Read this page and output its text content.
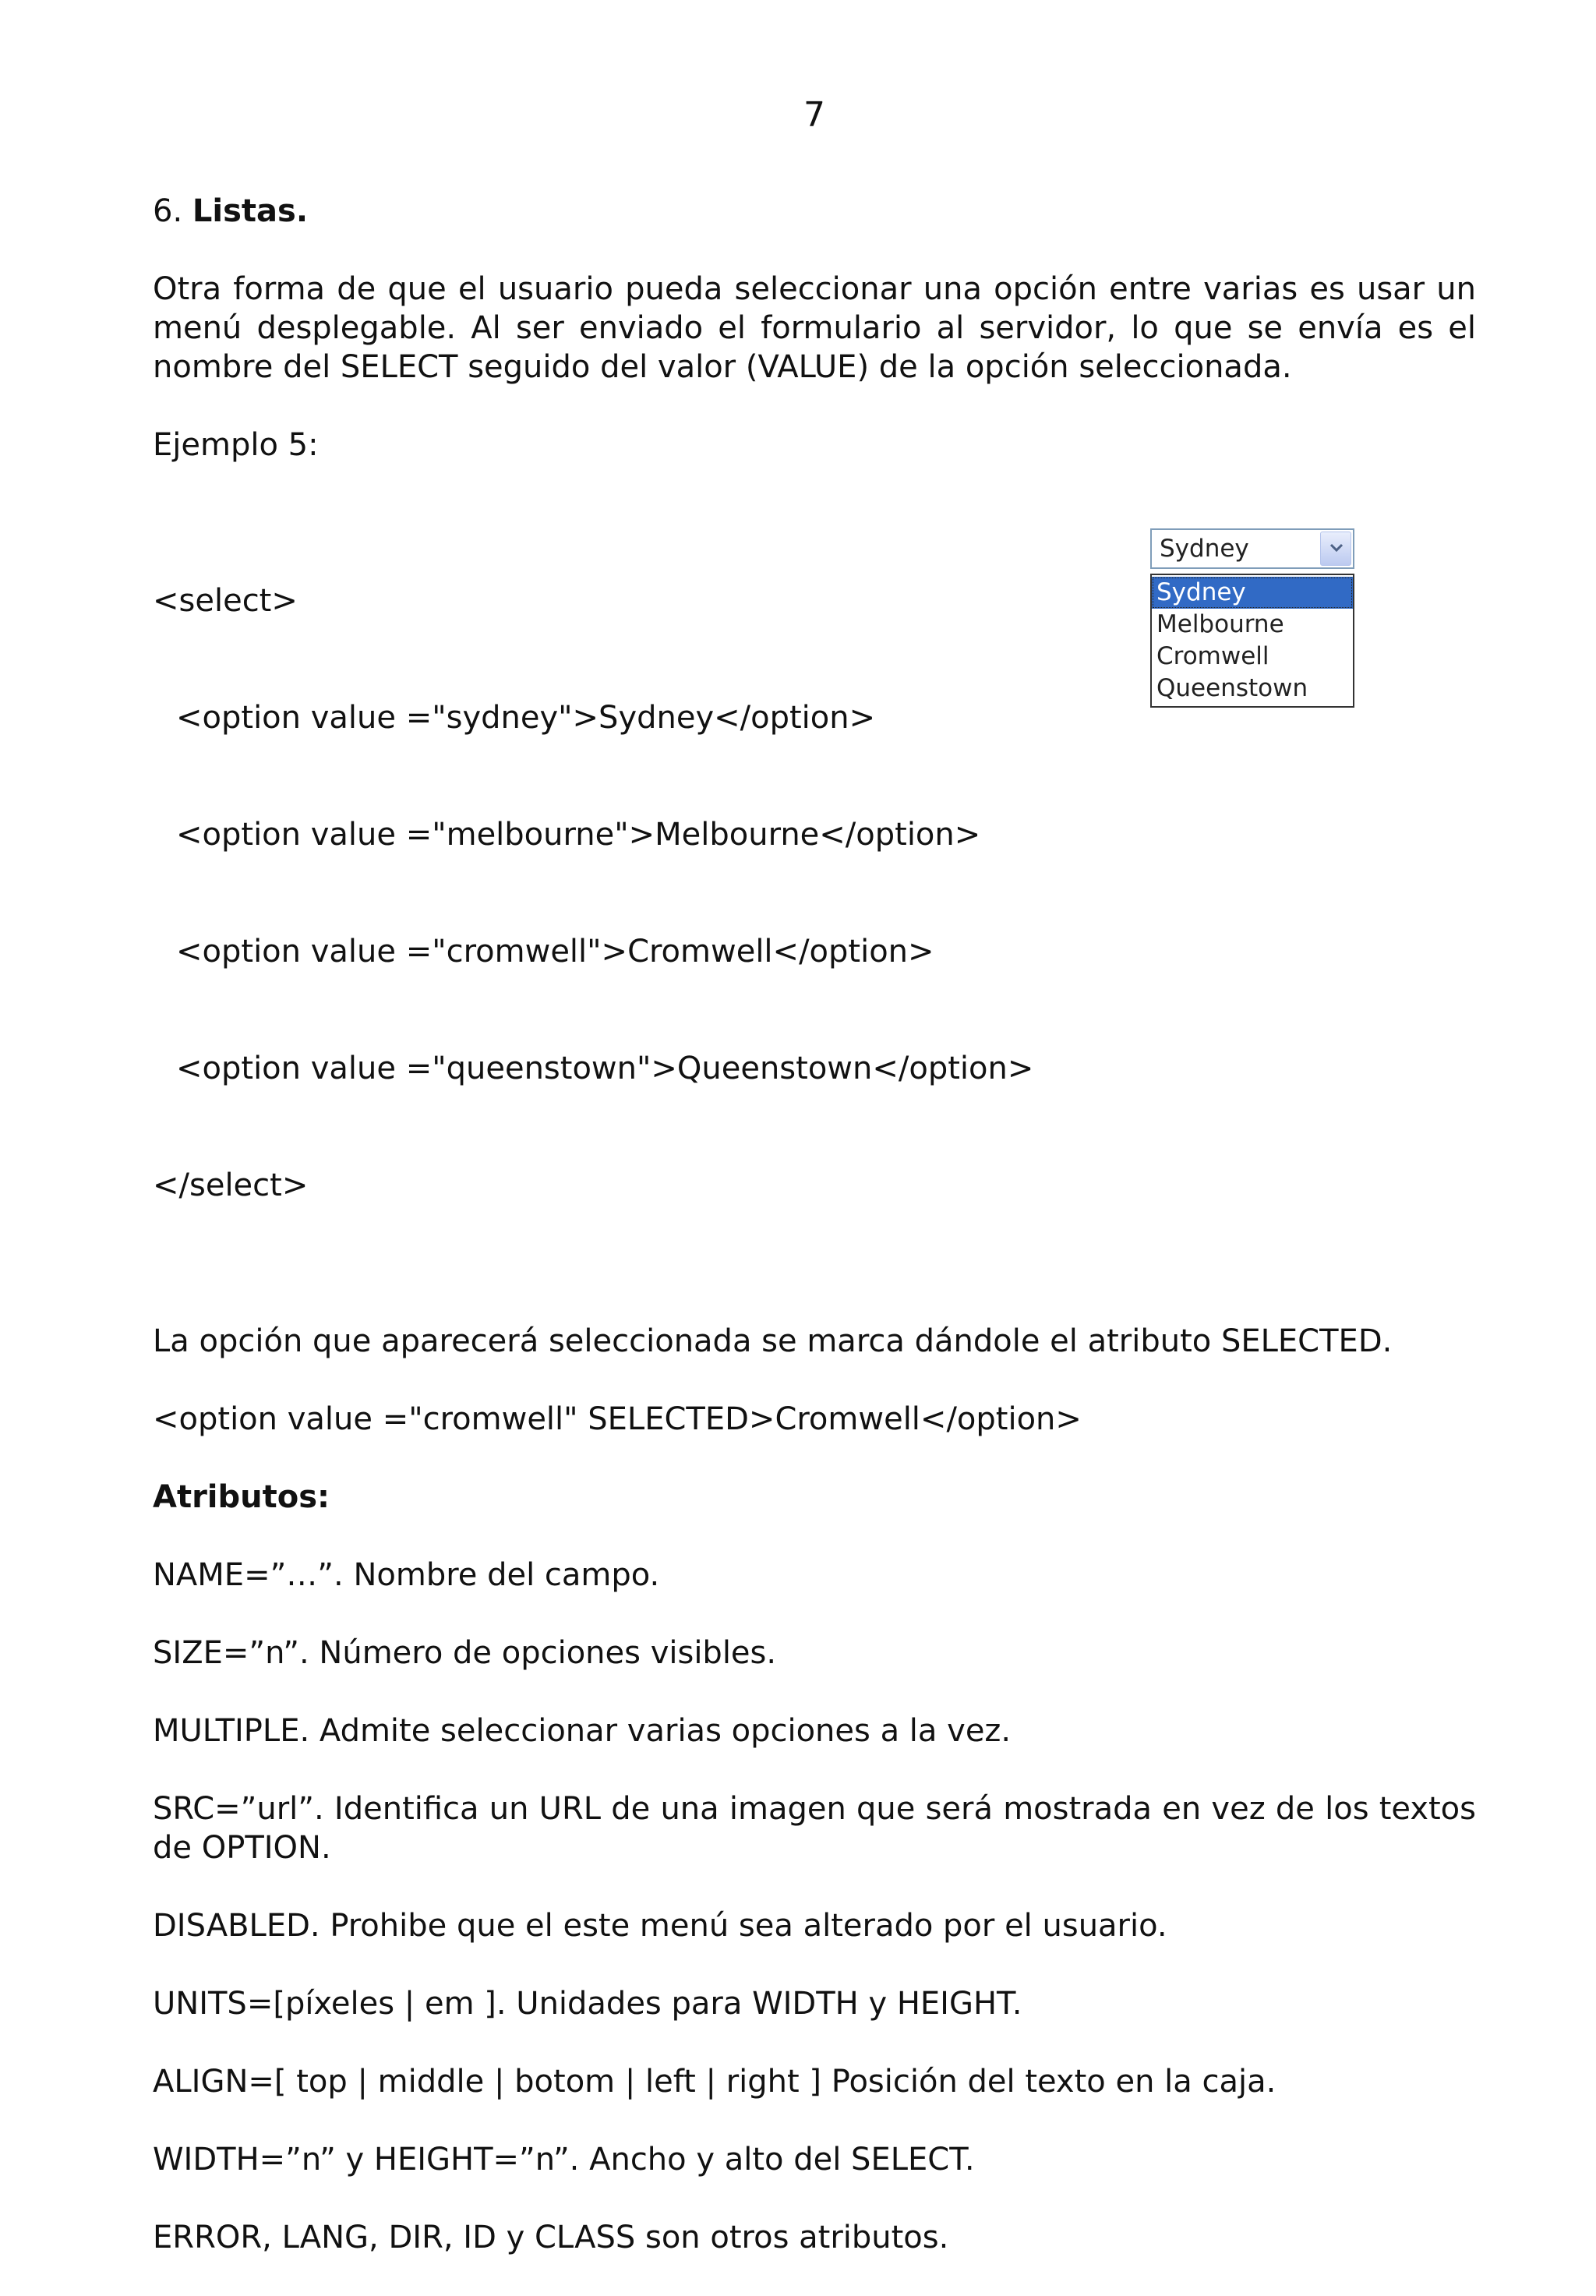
7

6. Listas.

Otra forma de que el usuario pueda seleccionar una opción entre varias es usar un menú desplegable. Al ser enviado el formulario al servidor, lo que se envía es el nombre del SELECT seguido del valor (VALUE) de la opción seleccionada.

Ejemplo 5:

<select>

<option value ="sydney">Sydney</option>

<option value ="melbourne">Melbourne</option>

<option value ="cromwell">Cromwell</option>

<option value ="queenstown">Queenstown</option>

</select>

La opción que aparecerá seleccionada se marca dándole el atributo SELECTED.

<option value ="cromwell" SELECTED>Cromwell</option>

Atributos:

NAME=”…”. Nombre del campo.

SIZE=”n”. Número de opciones visibles.

MULTIPLE. Admite seleccionar varias opciones a la vez.

SRC=”url”. Identifica un URL de una imagen que será mostrada en vez de los textos de OPTION.

DISABLED. Prohibe que el este menú sea alterado por el usuario.

UNITS=[píxeles | em ]. Unidades para WIDTH y HEIGHT.

ALIGN=[ top | middle | botom | left | right ] Posición del texto en la caja.

WIDTH=”n” y HEIGHT=”n”. Ancho y alto del SELECT.

ERROR, LANG, DIR, ID y CLASS son otros atributos.

Sydney
Sydney
Melbourne
Cromwell
Queenstown
